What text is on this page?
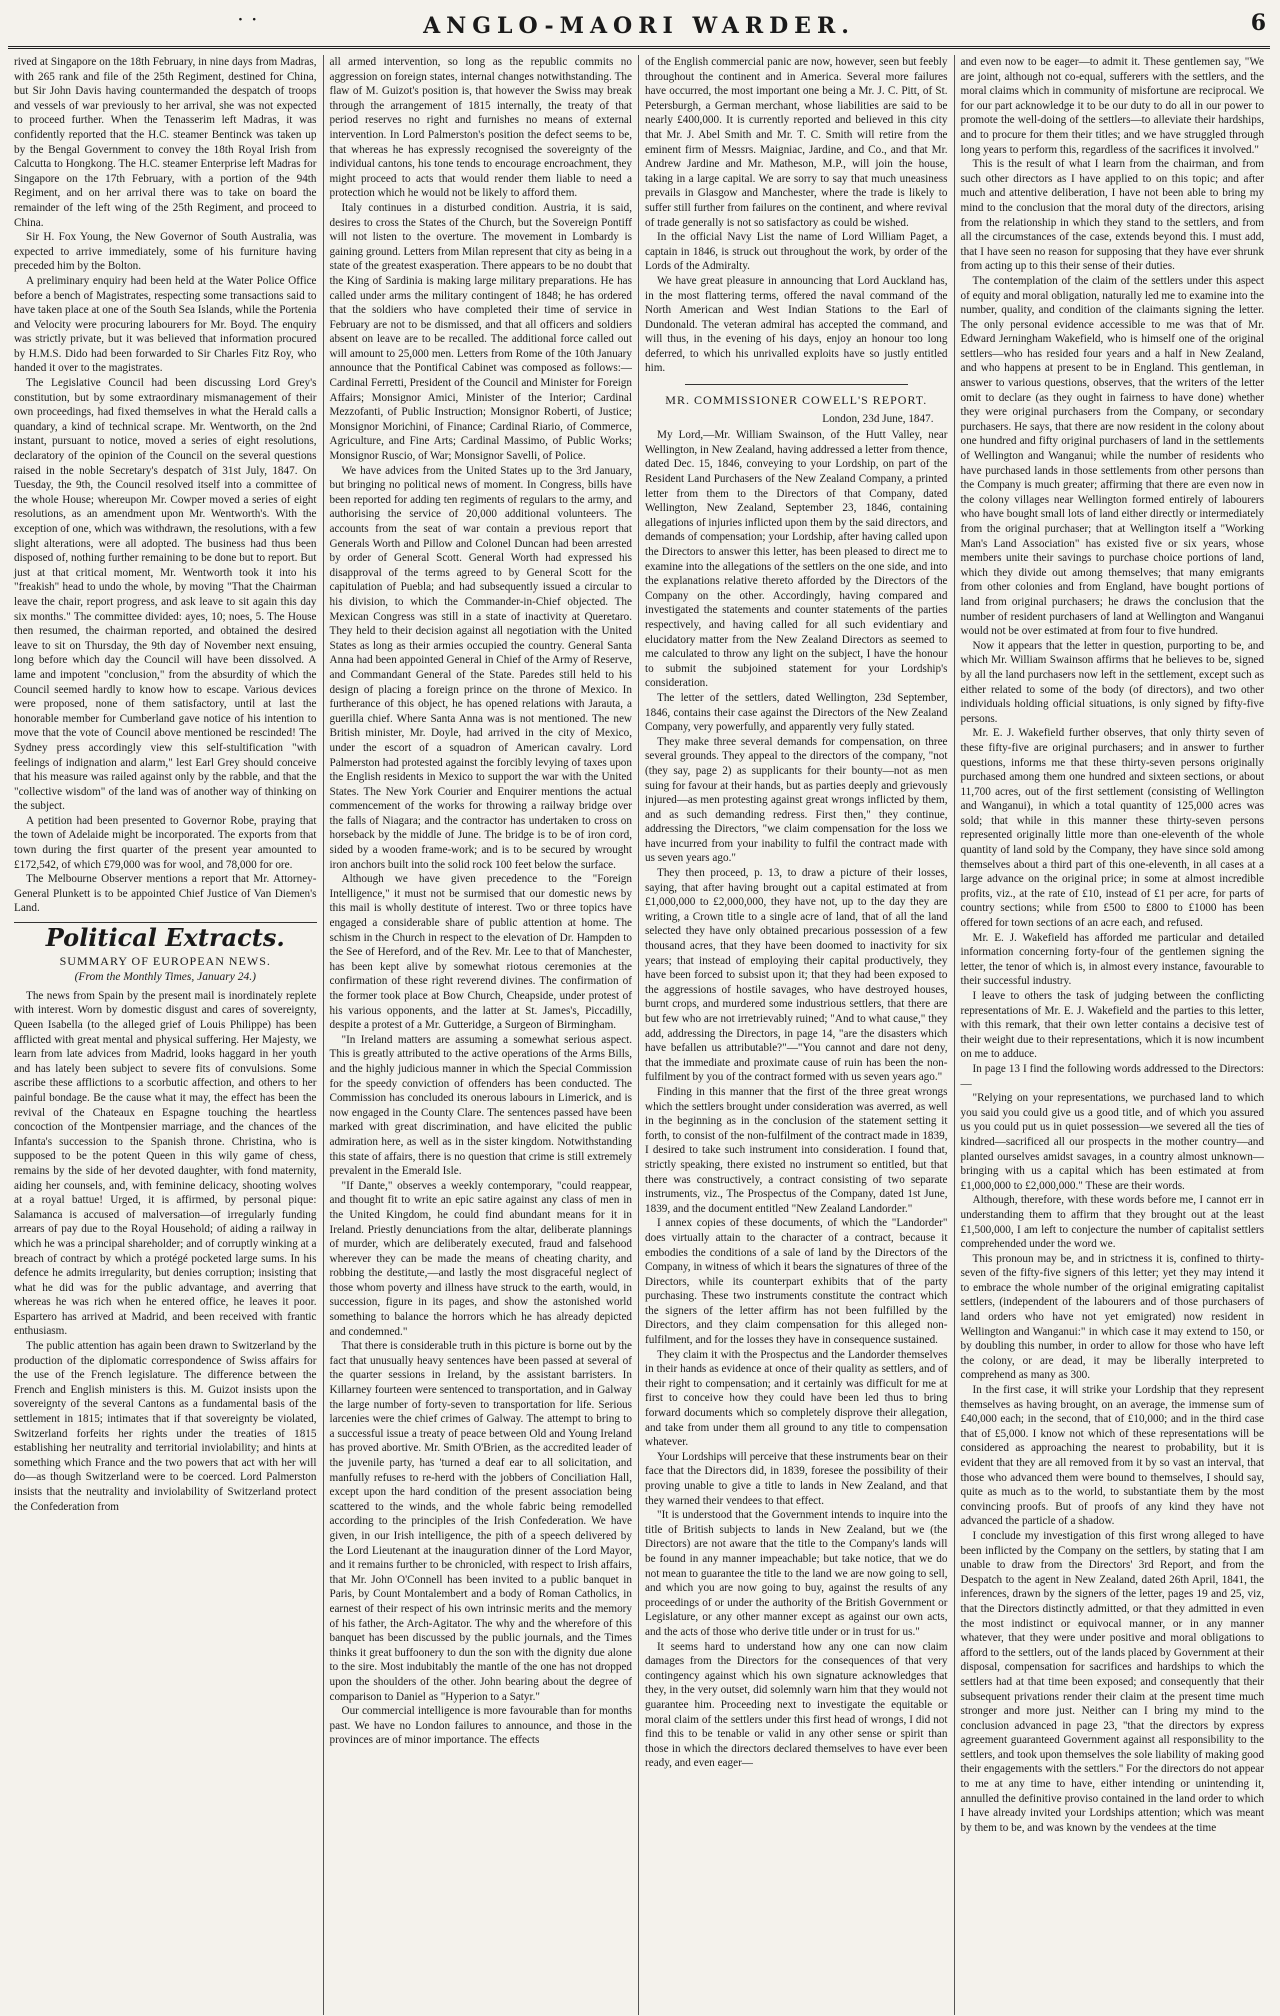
· ·	ANGLO-MAORI WARDER.	6

rived at Singapore on the 18th February, in nine days from Madras, with 265 rank and file of the 25th Regiment, destined for China, but Sir John Davis having countermanded the despatch of troops and vessels of war previously to her arrival, she was not expected to proceed further. When the Tenasserim left Madras, it was confidently reported that the H.C. steamer Bentinck was taken up by the Bengal Government to convey the 18th Royal Irish from Calcutta to Hongkong. The H.C. steamer Enterprise left Madras for Singapore on the 17th February, with a portion of the 94th Regiment, and on her arrival there was to take on board the remainder of the left wing of the 25th Regiment, and proceed to China.

Sir H. Fox Young, the New Governor of South Australia, was expected to arrive immediately, some of his furniture having preceded him by the Bolton.

A preliminary enquiry had been held at the Water Police Office before a bench of Magistrates, respecting some transactions said to have taken place at one of the South Sea Islands, while the Portenia and Velocity were procuring labourers for Mr. Boyd. The enquiry was strictly private, but it was believed that information procured by H.M.S. Dido had been forwarded to Sir Charles Fitz Roy, who handed it over to the magistrates.

The Legislative Council had been discussing Lord Grey's constitution, but by some extraordinary mismanagement of their own proceedings, had fixed themselves in what the Herald calls a quandary, a kind of technical scrape. Mr. Wentworth, on the 2nd instant, pursuant to notice, moved a series of eight resolutions, declaratory of the opinion of the Council on the several questions raised in the noble Secretary's despatch of 31st July, 1847. On Tuesday, the 9th, the Council resolved itself into a committee of the whole House; whereupon Mr. Cowper moved a series of eight resolutions, as an amendment upon Mr. Wentworth's. With the exception of one, which was withdrawn, the resolutions, with a few slight alterations, were all adopted. The business had thus been disposed of, nothing further remaining to be done but to report. But just at that critical moment, Mr. Wentworth took it into his "freakish" head to undo the whole, by moving "That the Chairman leave the chair, report progress, and ask leave to sit again this day six months." The committee divided: ayes, 10; noes, 5. The House then resumed, the chairman reported, and obtained the desired leave to sit on Thursday, the 9th day of November next ensuing, long before which day the Council will have been dissolved. A lame and impotent "conclusion," from the absurdity of which the Council seemed hardly to know how to escape. Various devices were proposed, none of them satisfactory, until at last the honorable member for Cumberland gave notice of his intention to move that the vote of Council above mentioned be rescinded! The Sydney press accordingly view this self-stultification "with feelings of indignation and alarm," lest Earl Grey should conceive that his measure was railed against only by the rabble, and that the "collective wisdom" of the land was of another way of thinking on the subject.

A petition had been presented to Governor Robe, praying that the town of Adelaide might be incorporated. The exports from that town during the first quarter of the present year amounted to £172,542, of which £79,000 was for wool, and 78,000 for ore.

The Melbourne Observer mentions a report that Mr. Attorney-General Plunkett is to be appointed Chief Justice of Van Diemen's Land.

Political Extracts.
SUMMARY OF EUROPEAN NEWS.
(From the Monthly Times, January 24.)

The news from Spain by the present mail is inordinately replete with interest. Worn by domestic disgust and cares of sovereignty, Queen Isabella (to the alleged grief of Louis Philippe) has been afflicted with great mental and physical suffering. Her Majesty, we learn from late advices from Madrid, looks haggard in her youth and has lately been subject to severe fits of convulsions. Some ascribe these afflictions to a scorbutic affection, and others to her painful bondage. Be the cause what it may, the effect has been the revival of the Chateaux en Espagne touching the heartless concoction of the Montpensier marriage, and the chances of the Infanta's succession to the Spanish throne. Christina, who is supposed to be the potent Queen in this wily game of chess, remains by the side of her devoted daughter, with fond maternity, aiding her counsels, and, with feminine delicacy, shooting wolves at a royal battue! Urged, it is affirmed, by personal pique: Salamanca is accused of malversation—of irregularly funding arrears of pay due to the Royal Household; of aiding a railway in which he was a principal shareholder; and of corruptly winking at a breach of contract by which a protégé pocketed large sums. In his defence he admits irregularity, but denies corruption; insisting that what he did was for the public advantage, and averring that whereas he was rich when he entered office, he leaves it poor. Espartero has arrived at Madrid, and been received with frantic enthusiasm.

The public attention has again been drawn to Switzerland by the production of the diplomatic correspondence of Swiss affairs for the use of the French legislature. The difference between the French and English ministers is this. M. Guizot insists upon the sovereignty of the several Cantons as a fundamental basis of the settlement in 1815; intimates that if that sovereignty be violated, Switzerland forfeits her rights under the treaties of 1815 establishing her neutrality and territorial inviolability; and hints at something which France and the two powers that act with her will do—as though Switzerland were to be coerced. Lord Palmerston insists that the neutrality and inviolability of Switzerland protect the Confederation from

all armed intervention, so long as the republic commits no aggression on foreign states, internal changes notwithstanding. The flaw of M. Guizot's position is, that however the Swiss may break through the arrangement of 1815 internally, the treaty of that period reserves no right and furnishes no means of external intervention. In Lord Palmerston's position the defect seems to be, that whereas he has expressly recognised the sovereignty of the individual cantons, his tone tends to encourage encroachment, they might proceed to acts that would render them liable to need a protection which he would not be likely to afford them.

Italy continues in a disturbed condition. Austria, it is said, desires to cross the States of the Church, but the Sovereign Pontiff will not listen to the overture. The movement in Lombardy is gaining ground. Letters from Milan represent that city as being in a state of the greatest exasperation. There appears to be no doubt that the King of Sardinia is making large military preparations. He has called under arms the military contingent of 1848; he has ordered that the soldiers who have completed their time of service in February are not to be dismissed, and that all officers and soldiers absent on leave are to be recalled. The additional force called out will amount to 25,000 men. Letters from Rome of the 10th January announce that the Pontifical Cabinet was composed as follows:—Cardinal Ferretti, President of the Council and Minister for Foreign Affairs; Monsignor Amici, Minister of the Interior; Cardinal Mezzofanti, of Public Instruction; Monsignor Roberti, of Justice; Monsignor Morichini, of Finance; Cardinal Riario, of Commerce, Agriculture, and Fine Arts; Cardinal Massimo, of Public Works; Monsignor Ruscio, of War; Monsignor Savelli, of Police.

We have advices from the United States up to the 3rd January, but bringing no political news of moment. In Congress, bills have been reported for adding ten regiments of regulars to the army, and authorising the service of 20,000 additional volunteers. The accounts from the seat of war contain a previous report that Generals Worth and Pillow and Colonel Duncan had been arrested by order of General Scott. General Worth had expressed his disapproval of the terms agreed to by General Scott for the capitulation of Puebla; and had subsequently issued a circular to his division, to which the Commander-in-Chief objected. The Mexican Congress was still in a state of inactivity at Queretaro. They held to their decision against all negotiation with the United States as long as their armies occupied the country. General Santa Anna had been appointed General in Chief of the Army of Reserve, and Commandant General of the State. Paredes still held to his design of placing a foreign prince on the throne of Mexico. In furtherance of this object, he has opened relations with Jarauta, a guerilla chief. Where Santa Anna was is not mentioned. The new British minister, Mr. Doyle, had arrived in the city of Mexico, under the escort of a squadron of American cavalry. Lord Palmerston had protested against the forcibly levying of taxes upon the English residents in Mexico to support the war with the United States. The New York Courier and Enquirer mentions the actual commencement of the works for throwing a railway bridge over the falls of Niagara; and the contractor has undertaken to cross on horseback by the middle of June. The bridge is to be of iron cord, sided by a wooden frame-work; and is to be secured by wrought iron anchors built into the solid rock 100 feet below the surface.

Although we have given precedence to the "Foreign Intelligence," it must not be surmised that our domestic news by this mail is wholly destitute of interest. Two or three topics have engaged a considerable share of public attention at home. The schism in the Church in respect to the elevation of Dr. Hampden to the See of Hereford, and of the Rev. Mr. Lee to that of Manchester, has been kept alive by somewhat riotous ceremonies at the confirmation of these right reverend divines. The confirmation of the former took place at Bow Church, Cheapside, under protest of his various opponents, and the latter at St. James's, Piccadilly, despite a protest of a Mr. Gutteridge, a Surgeon of Birmingham.

"In Ireland matters are assuming a somewhat serious aspect. This is greatly attributed to the active operations of the Arms Bills, and the highly judicious manner in which the Special Commission for the speedy conviction of offenders has been conducted. The Commission has concluded its onerous labours in Limerick, and is now engaged in the County Clare. The sentences passed have been marked with great discrimination, and have elicited the public admiration here, as well as in the sister kingdom. Notwithstanding this state of affairs, there is no question that crime is still extremely prevalent in the Emerald Isle.

"If Dante," observes a weekly contemporary, "could reappear, and thought fit to write an epic satire against any class of men in the United Kingdom, he could find abundant means for it in Ireland. Priestly denunciations from the altar, deliberate plannings of murder, which are deliberately executed, fraud and falsehood wherever they can be made the means of cheating charity, and robbing the destitute,—and lastly the most disgraceful neglect of those whom poverty and illness have struck to the earth, would, in succession, figure in its pages, and show the astonished world something to balance the horrors which he has already depicted and condemned."

That there is considerable truth in this picture is borne out by the fact that unusually heavy sentences have been passed at several of the quarter sessions in Ireland, by the assistant barristers. In Killarney fourteen were sentenced to transportation, and in Galway the large number of forty-seven to transportation for life. Serious larcenies were the chief crimes of Galway. The attempt to bring to a successful issue a treaty of peace between Old and Young Ireland has proved abortive. Mr. Smith O'Brien, as the accredited leader of the juvenile party, has 'turned a deaf ear to all solicitation, and manfully refuses to re-herd with the jobbers of Conciliation Hall, except upon the hard condition of the present association being scattered to the winds, and the whole fabric being remodelled according to the principles of the Irish Confederation. We have given, in our Irish intelligence, the pith of a speech delivered by the Lord Lieutenant at the inauguration dinner of the Lord Mayor, and it remains further to be chronicled, with respect to Irish affairs, that Mr. John O'Connell has been invited to a public banquet in Paris, by Count Montalembert and a body of Roman Catholics, in earnest of their respect of his own intrinsic merits and the memory of his father, the Arch-Agitator. The why and the wherefore of this banquet has been discussed by the public journals, and the Times thinks it great buffoonery to dun the son with the dignity due alone to the sire. Most indubitably the mantle of the one has not dropped upon the shoulders of the other. John bearing about the degree of comparison to Daniel as "Hyperion to a Satyr."

Our commercial intelligence is more favourable than for months past. We have no London failures to announce, and those in the provinces are of minor importance. The effects

of the English commercial panic are now, however, seen but feebly throughout the continent and in America. Several more failures have occurred, the most important one being a Mr. J. C. Pitt, of St. Petersburgh, a German merchant, whose liabilities are said to be nearly £400,000. It is currently reported and believed in this city that Mr. J. Abel Smith and Mr. T. C. Smith will retire from the eminent firm of Messrs. Maigniac, Jardine, and Co., and that Mr. Andrew Jardine and Mr. Matheson, M.P., will join the house, taking in a large capital. We are sorry to say that much uneasiness prevails in Glasgow and Manchester, where the trade is likely to suffer still further from failures on the continent, and where revival of trade generally is not so satisfactory as could be wished.

In the official Navy List the name of Lord William Paget, a captain in 1846, is struck out throughout the work, by order of the Lords of the Admiralty.

We have great pleasure in announcing that Lord Auckland has, in the most flattering terms, offered the naval command of the North American and West Indian Stations to the Earl of Dundonald. The veteran admiral has accepted the command, and will thus, in the evening of his days, enjoy an honour too long deferred, to which his unrivalled exploits have so justly entitled him.

MR. COMMISSIONER COWELL'S REPORT.
London, 23d June, 1847.

My Lord,—Mr. William Swainson, of the Hutt Valley, near Wellington, in New Zealand, having addressed a letter from thence, dated Dec. 15, 1846, conveying to your Lordship, on part of the Resident Land Purchasers of the New Zealand Company, a printed letter from them to the Directors of that Company, dated Wellington, New Zealand, September 23, 1846, containing allegations of injuries inflicted upon them by the said directors, and demands of compensation; your Lordship, after having called upon the Directors to answer this letter, has been pleased to direct me to examine into the allegations of the settlers on the one side, and into the explanations relative thereto afforded by the Directors of the Company on the other. Accordingly, having compared and investigated the statements and counter statements of the parties respectively, and having called for all such evidentiary and elucidatory matter from the New Zealand Directors as seemed to me calculated to throw any light on the subject, I have the honour to submit the subjoined statement for your Lordship's consideration.

The letter of the settlers, dated Wellington, 23d September, 1846, contains their case against the Directors of the New Zealand Company, very powerfully, and apparently very fully stated.

They make three several demands for compensation, on three several grounds. They appeal to the directors of the company, "not (they say, page 2) as supplicants for their bounty—not as men suing for favour at their hands, but as parties deeply and grievously injured—as men protesting against great wrongs inflicted by them, and as such demanding redress. First then," they continue, addressing the Directors, "we claim compensation for the loss we have incurred from your inability to fulfil the contract made with us seven years ago."

They then proceed, p. 13, to draw a picture of their losses, saying, that after having brought out a capital estimated at from £1,000,000 to £2,000,000, they have not, up to the day they are writing, a Crown title to a single acre of land, that of all the land selected they have only obtained precarious possession of a few thousand acres, that they have been doomed to inactivity for six years; that instead of employing their capital productively, they have been forced to subsist upon it; that they had been exposed to the aggressions of hostile savages, who have destroyed houses, burnt crops, and murdered some industrious settlers, that there are but few who are not irretrievably ruined; "And to what cause," they add, addressing the Directors, in page 14, "are the disasters which have befallen us attributable?"—"You cannot and dare not deny, that the immediate and proximate cause of ruin has been the non-fulfilment by you of the contract formed with us seven years ago."

Finding in this manner that the first of the three great wrongs which the settlers brought under consideration was averred, as well in the beginning as in the conclusion of the statement setting it forth, to consist of the non-fulfilment of the contract made in 1839, I desired to take such instrument into consideration. I found that, strictly speaking, there existed no instrument so entitled, but that there was constructively, a contract consisting of two separate instruments, viz., The Prospectus of the Company, dated 1st June, 1839, and the document entitled "New Zealand Landorder."

I annex copies of these documents, of which the "Landorder" does virtually attain to the character of a contract, because it embodies the conditions of a sale of land by the Directors of the Company, in witness of which it bears the signatures of three of the Directors, while its counterpart exhibits that of the party purchasing. These two instruments constitute the contract which the signers of the letter affirm has not been fulfilled by the Directors, and they claim compensation for this alleged non-fulfilment, and for the losses they have in consequence sustained.

They claim it with the Prospectus and the Landorder themselves in their hands as evidence at once of their quality as settlers, and of their right to compensation; and it certainly was difficult for me at first to conceive how they could have been led thus to bring forward documents which so completely disprove their allegation, and take from under them all ground to any title to compensation whatever.

Your Lordships will perceive that these instruments bear on their face that the Directors did, in 1839, foresee the possibility of their proving unable to give a title to lands in New Zealand, and that they warned their vendees to that effect.

"It is understood that the Government intends to inquire into the title of British subjects to lands in New Zealand, but we (the Directors) are not aware that the title to the Company's lands will be found in any manner impeachable; but take notice, that we do not mean to guarantee the title to the land we are now going to sell, and which you are now going to buy, against the results of any proceedings of or under the authority of the British Government or Legislature, or any other manner except as against our own acts, and the acts of those who derive title under or in trust for us."

It seems hard to understand how any one can now claim damages from the Directors for the consequences of that very contingency against which his own signature acknowledges that they, in the very outset, did solemnly warn him that they would not guarantee him. Proceeding next to investigate the equitable or moral claim of the settlers under this first head of wrongs, I did not find this to be tenable or valid in any other sense or spirit than those in which the directors declared themselves to have ever been ready, and even eager—

and even now to be eager—to admit it. These gentlemen say, "We are joint, although not co-equal, sufferers with the settlers, and the moral claims which in community of misfortune are reciprocal. We for our part acknowledge it to be our duty to do all in our power to promote the well-doing of the settlers—to alleviate their hardships, and to procure for them their titles; and we have struggled through long years to perform this, regardless of the sacrifices it involved."

This is the result of what I learn from the chairman, and from such other directors as I have applied to on this topic; and after much and attentive deliberation, I have not been able to bring my mind to the conclusion that the moral duty of the directors, arising from the relationship in which they stand to the settlers, and from all the circumstances of the case, extends beyond this. I must add, that I have seen no reason for supposing that they have ever shrunk from acting up to this their sense of their duties.

The contemplation of the claim of the settlers under this aspect of equity and moral obligation, naturally led me to examine into the number, quality, and condition of the claimants signing the letter. The only personal evidence accessible to me was that of Mr. Edward Jerningham Wakefield, who is himself one of the original settlers—who has resided four years and a half in New Zealand, and who happens at present to be in England. This gentleman, in answer to various questions, observes, that the writers of the letter omit to declare (as they ought in fairness to have done) whether they were original purchasers from the Company, or secondary purchasers. He says, that there are now resident in the colony about one hundred and fifty original purchasers of land in the settlements of Wellington and Wanganui; while the number of residents who have purchased lands in those settlements from other persons than the Company is much greater; affirming that there are even now in the colony villages near Wellington formed entirely of labourers who have bought small lots of land either directly or intermediately from the original purchaser; that at Wellington itself a "Working Man's Land Association" has existed five or six years, whose members unite their savings to purchase choice portions of land, which they divide out among themselves; that many emigrants from other colonies and from England, have bought portions of land from original purchasers; he draws the conclusion that the number of resident purchasers of land at Wellington and Wanganui would not be over estimated at from four to five hundred.

Now it appears that the letter in question, purporting to be, and which Mr. William Swainson affirms that he believes to be, signed by all the land purchasers now left in the settlement, except such as either related to some of the body (of directors), and two other individuals holding official situations, is only signed by fifty-five persons.

Mr. E. J. Wakefield further observes, that only thirty seven of these fifty-five are original purchasers; and in answer to further questions, informs me that these thirty-seven persons originally purchased among them one hundred and sixteen sections, or about 11,700 acres, out of the first settlement (consisting of Wellington and Wanganui), in which a total quantity of 125,000 acres was sold; that while in this manner these thirty-seven persons represented originally little more than one-eleventh of the whole quantity of land sold by the Company, they have since sold among themselves about a third part of this one-eleventh, in all cases at a large advance on the original price; in some at almost incredible profits, viz., at the rate of £10, instead of £1 per acre, for parts of country sections; while from £500 to £800 to £1000 has been offered for town sections of an acre each, and refused.

Mr. E. J. Wakefield has afforded me particular and detailed information concerning forty-four of the gentlemen signing the letter, the tenor of which is, in almost every instance, favourable to their successful industry.

I leave to others the task of judging between the conflicting representations of Mr. E. J. Wakefield and the parties to this letter, with this remark, that their own letter contains a decisive test of their weight due to their representations, which it is now incumbent on me to adduce.

In page 13 I find the following words addressed to the Directors:—

"Relying on your representations, we purchased land to which you said you could give us a good title, and of which you assured us you could put us in quiet possession—we severed all the ties of kindred—sacrificed all our prospects in the mother country—and planted ourselves amidst savages, in a country almost unknown—bringing with us a capital which has been estimated at from £1,000,000 to £2,000,000." These are their words.

Although, therefore, with these words before me, I cannot err in understanding them to affirm that they brought out at the least £1,500,000, I am left to conjecture the number of capitalist settlers comprehended under the word we.

This pronoun may be, and in strictness it is, confined to thirty-seven of the fifty-five signers of this letter; yet they may intend it to embrace the whole number of the original emigrating capitalist settlers, (independent of the labourers and of those purchasers of land orders who have not yet emigrated) now resident in Wellington and Wanganui:" in which case it may extend to 150, or by doubling this number, in order to allow for those who have left the colony, or are dead, it may be liberally interpreted to comprehend as many as 300.

In the first case, it will strike your Lordship that they represent themselves as having brought, on an average, the immense sum of £40,000 each; in the second, that of £10,000; and in the third case that of £5,000. I know not which of these representations will be considered as approaching the nearest to probability, but it is evident that they are all removed from it by so vast an interval, that those who advanced them were bound to themselves, I should say, quite as much as to the world, to substantiate them by the most convincing proofs. But of proofs of any kind they have not advanced the particle of a shadow.

I conclude my investigation of this first wrong alleged to have been inflicted by the Company on the settlers, by stating that I am unable to draw from the Directors' 3rd Report, and from the Despatch to the agent in New Zealand, dated 26th April, 1841, the inferences, drawn by the signers of the letter, pages 19 and 25, viz, that the Directors distinctly admitted, or that they admitted in even the most indistinct or equivocal manner, or in any manner whatever, that they were under positive and moral obligations to afford to the settlers, out of the lands placed by Government at their disposal, compensation for sacrifices and hardships to which the settlers had at that time been exposed; and consequently that their subsequent privations render their claim at the present time much stronger and more just. Neither can I bring my mind to the conclusion advanced in page 23, "that the directors by express agreement guaranteed Government against all responsibility to the settlers, and took upon themselves the sole liability of making good their engagements with the settlers." For the directors do not appear to me at any time to have, either intending or unintending it, annulled the definitive proviso contained in the land order to which I have already invited your Lordships attention; which was meant by them to be, and was known by the vendees at the time
